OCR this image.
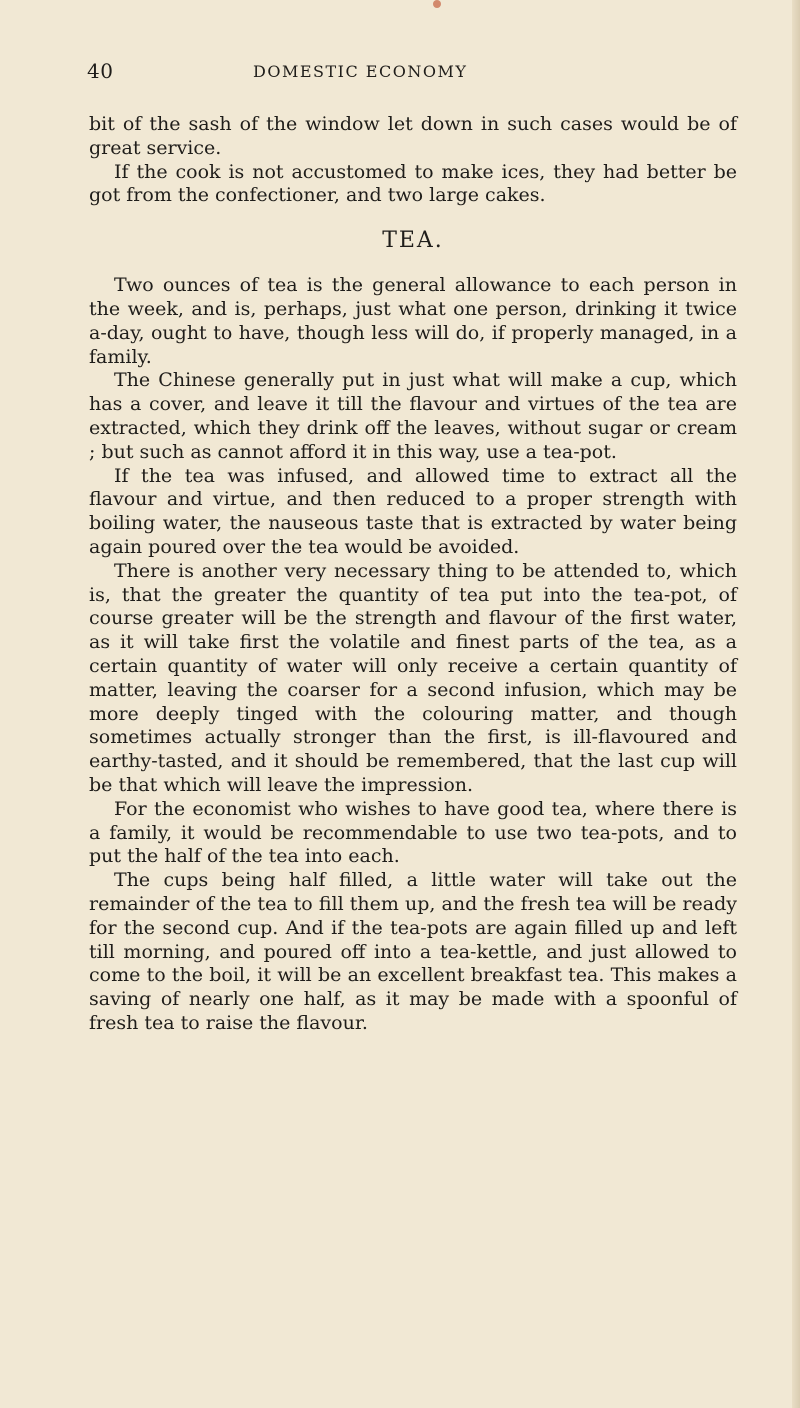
40	DOMESTIC ECONOMY

bit of the sash of the window let down in such cases would be of great service.

If the cook is not accustomed to make ices, they had better be got from the confectioner, and two large cakes.

TEA.

Two ounces of tea is the general allowance to each person in the week, and is, perhaps, just what one person, drinking it twice a-day, ought to have, though less will do, if properly managed, in a family.

The Chinese generally put in just what will make a cup, which has a cover, and leave it till the flavour and virtues of the tea are extracted, which they drink off the leaves, without sugar or cream ; but such as cannot afford it in this way, use a tea-pot.

If the tea was infused, and allowed time to extract all the flavour and virtue, and then reduced to a proper strength with boiling water, the nauseous taste that is extracted by water being again poured over the tea would be avoided.

There is another very necessary thing to be attended to, which is, that the greater the quantity of tea put into the tea-pot, of course greater will be the strength and flavour of the first water, as it will take first the volatile and finest parts of the tea, as a certain quantity of water will only receive a certain quantity of matter, leaving the coarser for a second infusion, which may be more deeply tinged with the colouring matter, and though sometimes actually stronger than the first, is ill-flavoured and earthy-tasted, and it should be remembered, that the last cup will be that which will leave the impression.

For the economist who wishes to have good tea, where there is a family, it would be recommendable to use two tea-pots, and to put the half of the tea into each.

The cups being half filled, a little water will take out the remainder of the tea to fill them up, and the fresh tea will be ready for the second cup. And if the tea-pots are again filled up and left till morning, and poured off into a tea-kettle, and just allowed to come to the boil, it will be an excellent breakfast tea. This makes a saving of nearly one half, as it may be made with a spoonful of fresh tea to raise the flavour.
